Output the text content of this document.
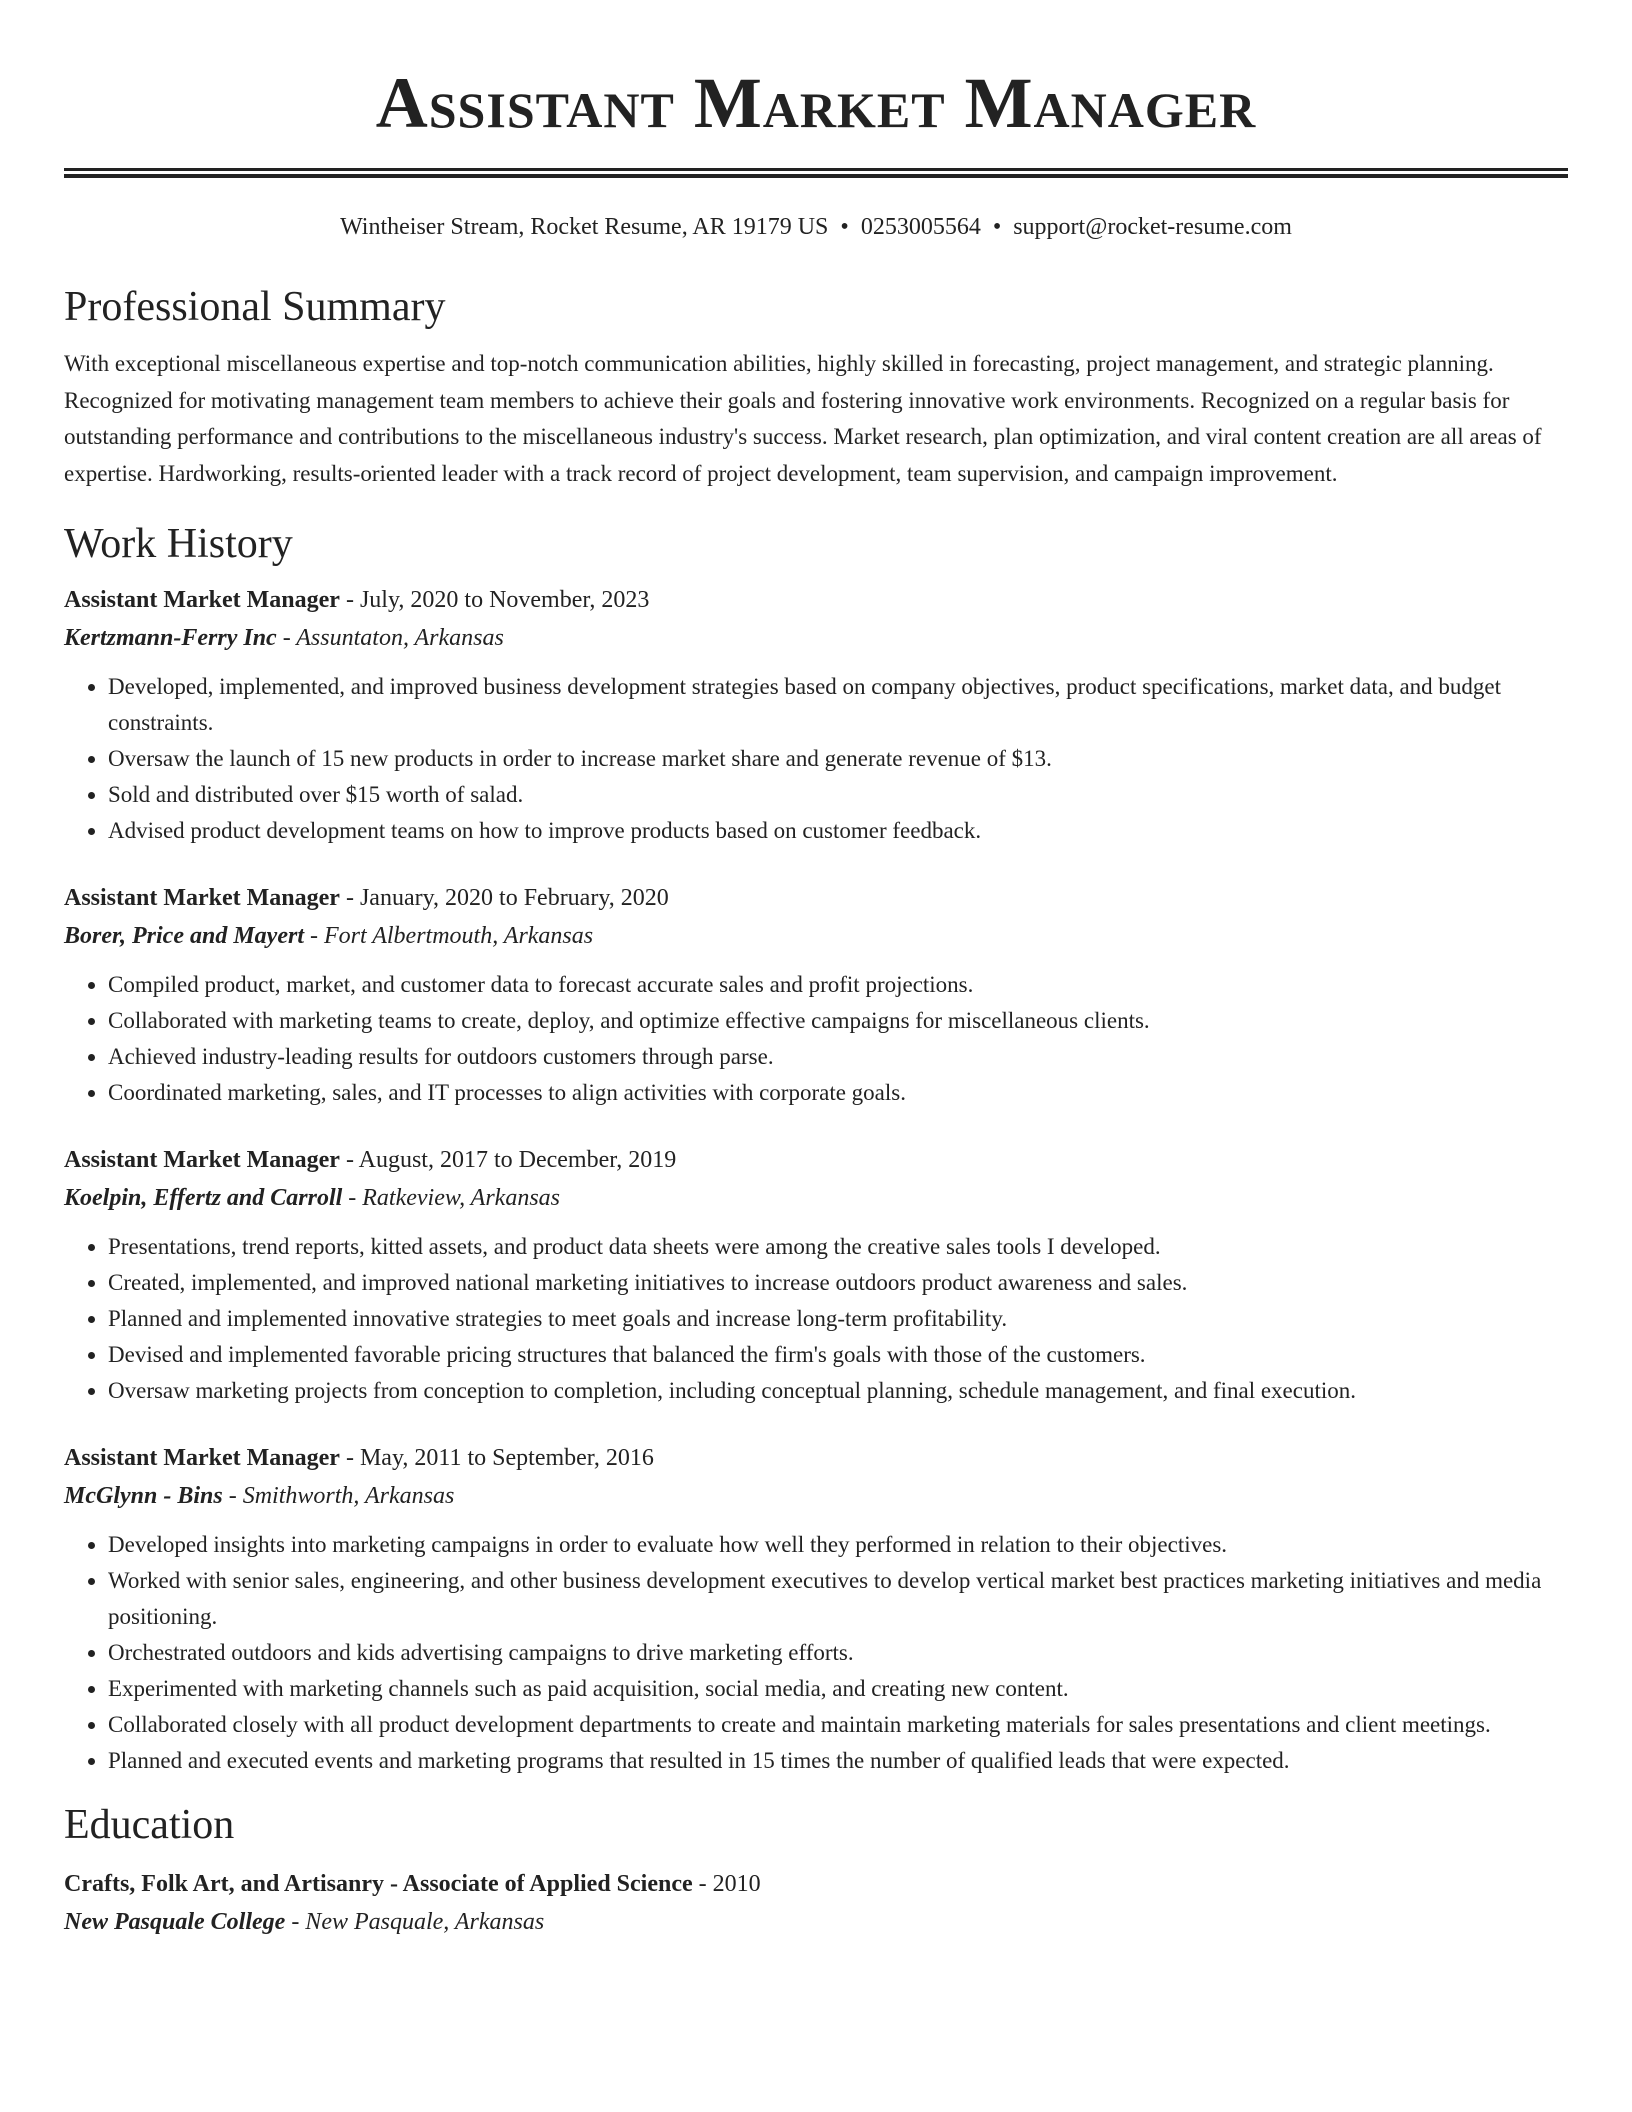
Assistant Market Manager
Wintheiser Stream, Rocket Resume, AR 19179 US • 0253005564 • support@rocket-resume.com
Professional Summary

With exceptional miscellaneous expertise and top-notch communication abilities, highly skilled in forecasting, project management, and strategic planning. Recognized for motivating management team members to achieve their goals and fostering innovative work environments. Recognized on a regular basis for outstanding performance and contributions to the miscellaneous industry's success. Market research, plan optimization, and viral content creation are all areas of expertise. Hardworking, results-oriented leader with a track record of project development, team supervision, and campaign improvement.

Work History
Assistant Market Manager - July, 2020 to November, 2023
Kertzmann-Ferry Inc - Assuntaton, Arkansas
• Developed, implemented, and improved business development strategies based on company objectives, product specifications, market data, and budget constraints.
• Oversaw the launch of 15 new products in order to increase market share and generate revenue of $13.
• Sold and distributed over $15 worth of salad.
• Advised product development teams on how to improve products based on customer feedback.
Assistant Market Manager - January, 2020 to February, 2020
Borer, Price and Mayert - Fort Albertmouth, Arkansas
• Compiled product, market, and customer data to forecast accurate sales and profit projections.
• Collaborated with marketing teams to create, deploy, and optimize effective campaigns for miscellaneous clients.
• Achieved industry-leading results for outdoors customers through parse.
• Coordinated marketing, sales, and IT processes to align activities with corporate goals.
Assistant Market Manager - August, 2017 to December, 2019
Koelpin, Effertz and Carroll - Ratkeview, Arkansas
• Presentations, trend reports, kitted assets, and product data sheets were among the creative sales tools I developed.
• Created, implemented, and improved national marketing initiatives to increase outdoors product awareness and sales.
• Planned and implemented innovative strategies to meet goals and increase long-term profitability.
• Devised and implemented favorable pricing structures that balanced the firm's goals with those of the customers.
• Oversaw marketing projects from conception to completion, including conceptual planning, schedule management, and final execution.
Assistant Market Manager - May, 2011 to September, 2016
McGlynn - Bins - Smithworth, Arkansas
• Developed insights into marketing campaigns in order to evaluate how well they performed in relation to their objectives.
• Worked with senior sales, engineering, and other business development executives to develop vertical market best practices marketing initiatives and media positioning.
• Orchestrated outdoors and kids advertising campaigns to drive marketing efforts.
• Experimented with marketing channels such as paid acquisition, social media, and creating new content.
• Collaborated closely with all product development departments to create and maintain marketing materials for sales presentations and client meetings.
• Planned and executed events and marketing programs that resulted in 15 times the number of qualified leads that were expected.
Education
Crafts, Folk Art, and Artisanry - Associate of Applied Science - 2010
New Pasquale College - New Pasquale, Arkansas
